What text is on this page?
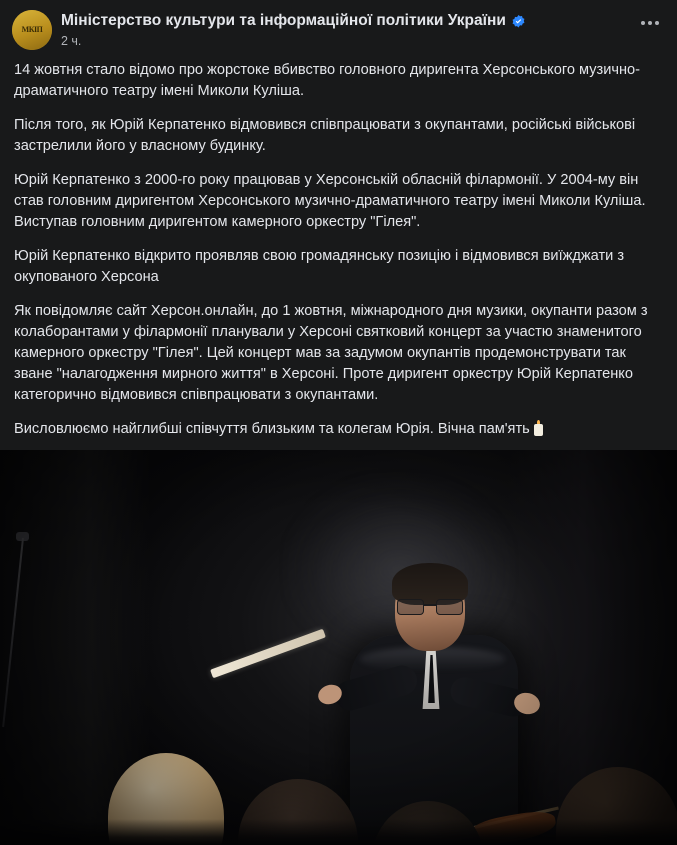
МКІП
Міністерство культури та інформаційної політики України
2 ч.

14 жовтня стало відомо про жорстоке вбивство головного диригента Херсонського музично-драматичного театру імені Миколи Куліша.

Після того, як Юрій Керпатенко відмовився співпрацювати з окупантами, російські військові застрелили його у власному будинку.

Юрій Керпатенко з 2000-го року працював у Херсонській обласній філармонії. У 2004-му він став головним диригентом Херсонського музично-драматичного театру імені Миколи Куліша. Виступав головним диригентом камерного оркестру "Гілея".

Юрій Керпатенко відкрито проявляв свою громадянську позицію і відмовився виїжджати з окупованого Херсона

Як повідомляє сайт Херсон.онлайн, до 1 жовтня, міжнародного дня музики, окупанти разом з колаборантами у філармонії планували у Херсоні святковий концерт за участю знаменитого камерного оркестру "Гілея". Цей концерт мав за задумом окупантів продемонструвати так зване "налагодження мирного життя" в Херсоні. Проте диригент оркестру Юрій Керпатенко категорично відмовився співпрацювати з окупантами.

Висловлюємо найглибші співчуття близьким та колегам Юрія. Вічна пам'ять
